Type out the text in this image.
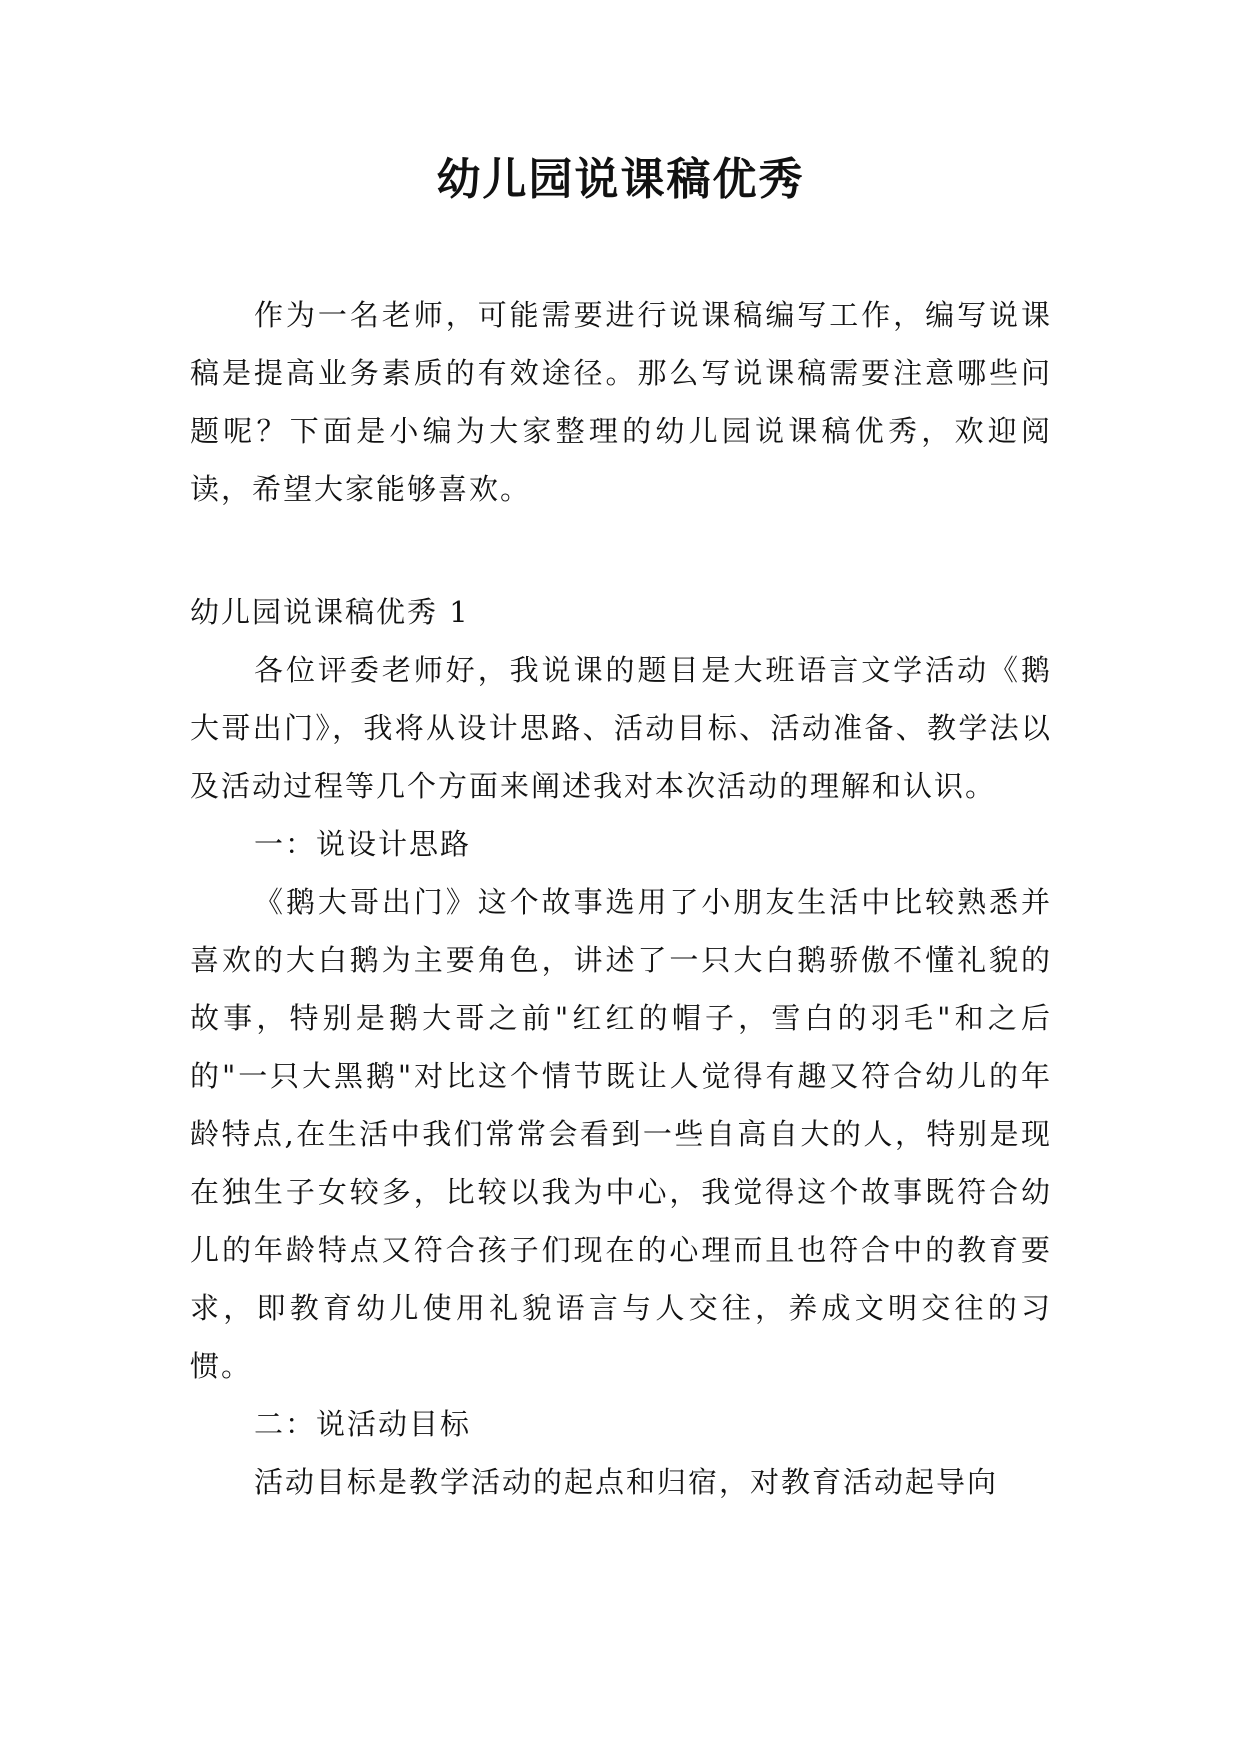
幼儿园说课稿优秀

作为一名老师，可能需要进行说课稿编写工作，编写说课稿是提高业务素质的有效途径。那么写说课稿需要注意哪些问题呢？下面是小编为大家整理的幼儿园说课稿优秀，欢迎阅读，希望大家能够喜欢。

幼儿园说课稿优秀 1

各位评委老师好，我说课的题目是大班语言文学活动《鹅大哥出门》，我将从设计思路、活动目标、活动准备、教学法以及活动过程等几个方面来阐述我对本次活动的理解和认识。

一：说设计思路

《鹅大哥出门》这个故事选用了小朋友生活中比较熟悉并喜欢的大白鹅为主要角色，讲述了一只大白鹅骄傲不懂礼貌的故事，特别是鹅大哥之前"红红的帽子，雪白的羽毛"和之后的"一只大黑鹅"对比这个情节既让人觉得有趣又符合幼儿的年龄特点,在生活中我们常常会看到一些自高自大的人，特别是现在独生子女较多，比较以我为中心，我觉得这个故事既符合幼儿的年龄特点又符合孩子们现在的心理而且也符合中的教育要求，即教育幼儿使用礼貌语言与人交往，养成文明交往的习惯。

二：说活动目标

活动目标是教学活动的起点和归宿，对教育活动起导向
